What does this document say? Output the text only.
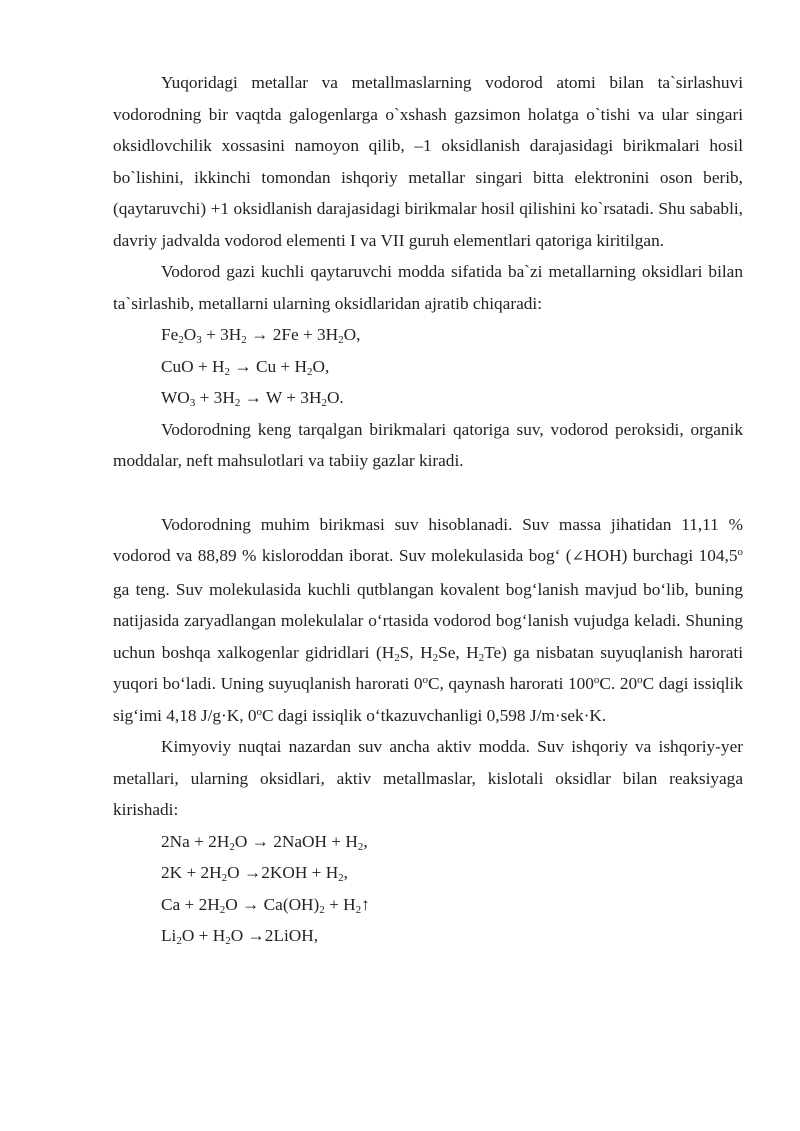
Yuqoridagi metallar va metallmaslarning vodorod atomi bilan ta`sirlashuvi vodorodning bir vaqtda galogenlarga o`xshash gazsimon holatga o`tishi va ular singari oksidlovchilik xossasini namoyon qilib, –1 oksidlanish darajasidagi birikmalari hosil bo`lishini, ikkinchi tomondan ishqoriy metallar singari bitta elektronini oson berib, (qaytaruvchi) +1 oksidlanish darajasidagi birikmalar hosil qilishini ko`rsatadi. Shu sababli, davriy jadvalda vodorod elementi I va VII guruh elementlari qatoriga kiritilgan.

Vodorod gazi kuchli qaytaruvchi modda sifatida ba`zi metallarning oksidlari bilan ta`sirlashib, metallarni ularning oksidlaridan ajratib chiqaradi:

$Fe_2O_3 + 3H_2 \to 2Fe + 3H_2O$,
CuO + $H_2 \to Cu + H_2O$,
$WO_3 + 3H_2 \to W + 3H_2O$.

Vodorodning keng tarqalgan birikmalari qatoriga suv, vodorod peroksidi, organik moddalar, neft mahsulotlari va tabiiy gazlar kiradi.

Vodorodning muhim birikmasi suv hisoblanadi. Suv massa jihatidan 11,11 % vodorod va 88,89 % kisloroddan iborat. Suv molekulasida bog‘ (∠HOH) burchagi 104,5$^o$ ga teng. Suv molekulasida kuchli qutblangan kovalent bog‘lanish mavjud bo‘lib, buning natijasida zaryadlangan molekulalar o‘rtasida vodorod bog‘lanish vujudga keladi. Shuning uchun boshqa xalkogenlar gidridlari ($H_2S$, $H_2Se$, $H_2Te$) ga nisbatan suyuqlanish harorati yuqori bo‘ladi. Uning suyuqlanish harorati 0$^o$C, qaynash harorati 100$^o$C. 20$^o$C dagi issiqlik sig‘imi 4,18 J/g·K, 0$^o$C dagi issiqlik o‘tkazuvchanligi 0,598 J/m·sek·K.

Kimyoviy nuqtai nazardan suv ancha aktiv modda. Suv ishqoriy va ishqoriy-yer metallari, ularning oksidlari, aktiv metallmaslar, kislotali oksidlar bilan reaksiyaga kirishadi:

$2Na + 2H_2O$ → 2NaOH + $H_2$,
$2K + 2H_2O \to 2KOH + H_2$,
$Ca + 2H_2O \to Ca(OH)_2$ + $H_2↑$
$Li_2O + H_2O$ →2LiOH,
